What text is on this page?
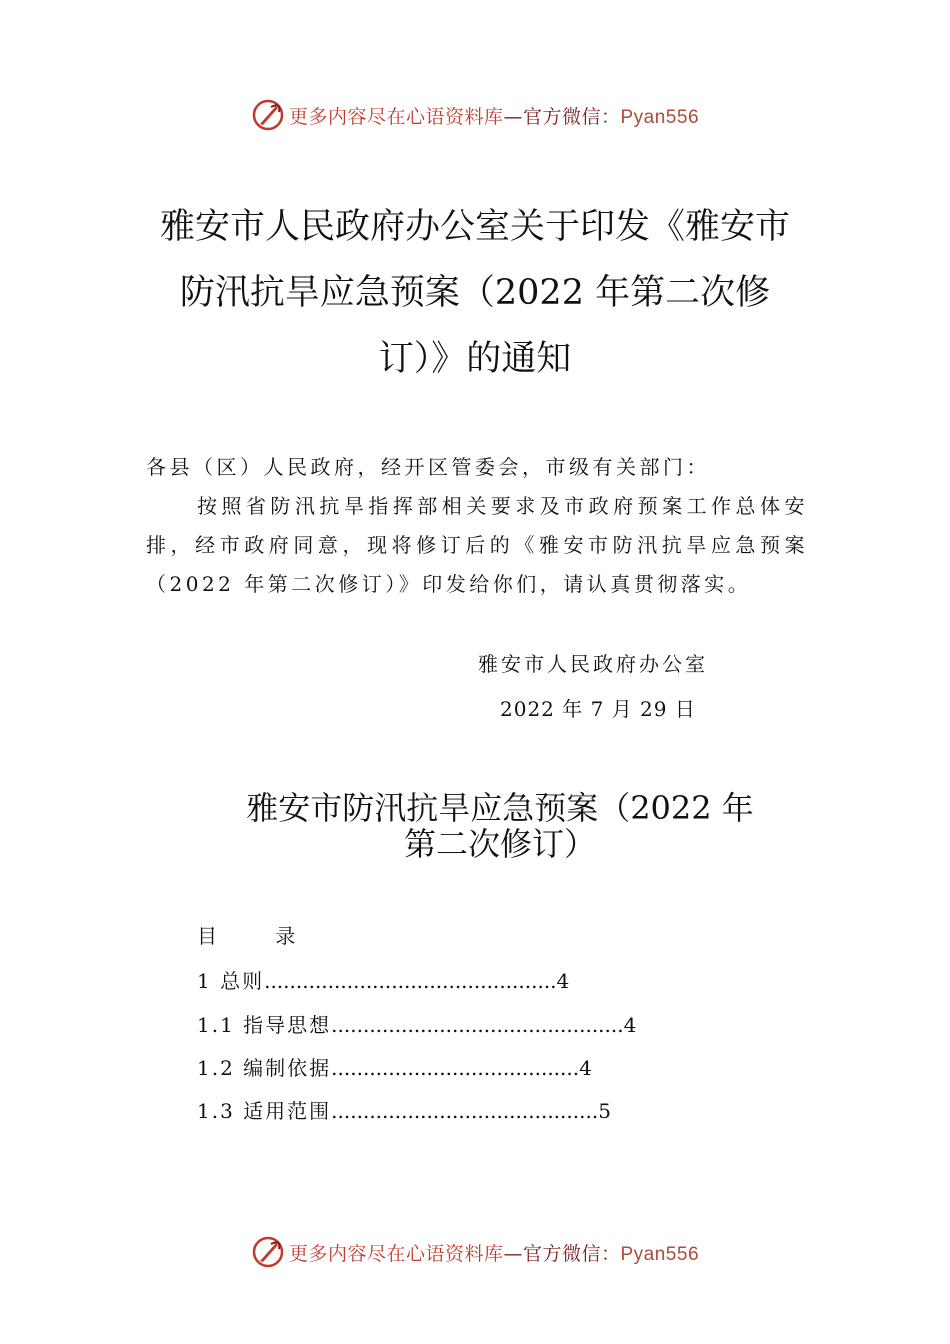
更多内容尽在心语资料库—官方微信：Pyan556
雅安市人民政府办公室关于印发《雅安市
防汛抗旱应急预案（2022 年第二次修
订）》的通知
各县（区）人民政府，经开区管委会，市级有关部门：
按照省防汛抗旱指挥部相关要求及市政府预案工作总体安排，经市政府同意，现将修订后的《雅安市防汛抗旱应急预案（2022 年第二次修订）》印发给你们，请认真贯彻落实。
雅安市人民政府办公室
2022 年 7 月 29 日
雅安市防汛抗旱应急预案（2022 年
第二次修订）
目 录
1 总则..............................................4
1.1 指导思想..............................................4
1.2 编制依据.......................................4
1.3 适用范围..........................................5
更多内容尽在心语资料库—官方微信：Pyan556
